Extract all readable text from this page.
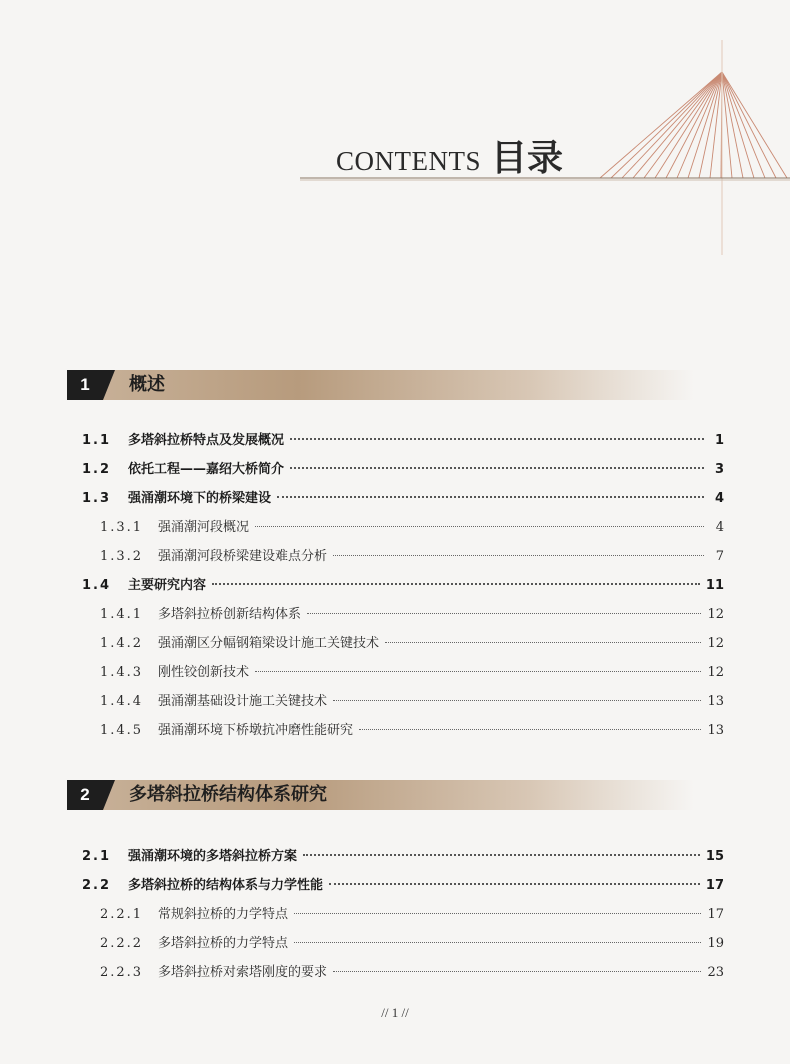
CONTENTS 目录
1	概述
1.1	多塔斜拉桥特点及发展概况	1
1.2	依托工程——嘉绍大桥简介	3
1.3	强涌潮环境下的桥梁建设	4
1.3.1	强涌潮河段概况	4
1.3.2	强涌潮河段桥梁建设难点分析	7
1.4	主要研究内容	11
1.4.1	多塔斜拉桥创新结构体系	12
1.4.2	强涌潮区分幅钢箱梁设计施工关键技术	12
1.4.3	刚性铰创新技术	12
1.4.4	强涌潮基础设计施工关键技术	13
1.4.5	强涌潮环境下桥墩抗冲磨性能研究	13
2	多塔斜拉桥结构体系研究
2.1	强涌潮环境的多塔斜拉桥方案	15
2.2	多塔斜拉桥的结构体系与力学性能	17
2.2.1	常规斜拉桥的力学特点	17
2.2.2	多塔斜拉桥的力学特点	19
2.2.3	多塔斜拉桥对索塔刚度的要求	23
// 1 //
